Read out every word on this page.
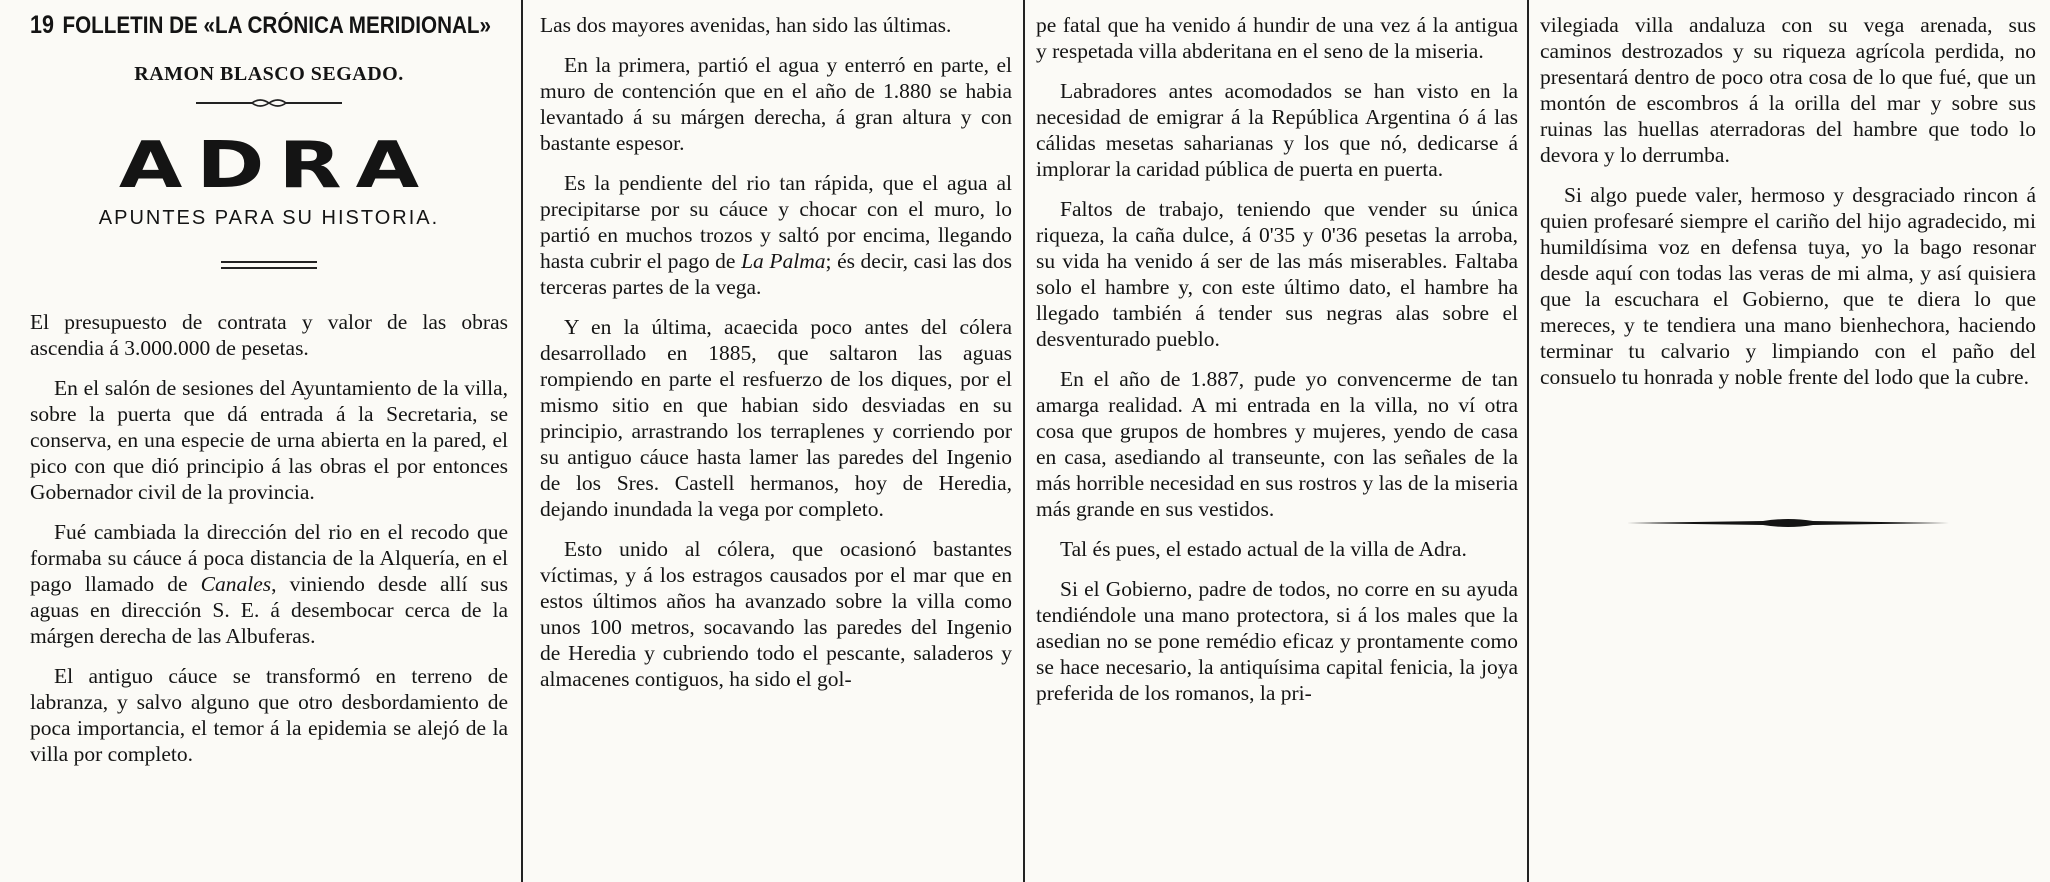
19 FOLLETIN DE «LA CRÓNICA MERIDIONAL»
RAMON BLASCO SEGADO.
ADRA
APUNTES PARA SU HISTORIA.

El presupuesto de contrata y valor de las obras ascendia á 3.000.000 de pesetas.

En el salón de sesiones del Ayuntamiento de la villa, sobre la puerta que dá entrada á la Secretaria, se conserva, en una especie de urna abierta en la pared, el pico con que dió principio á las obras el por entonces Gobernador civil de la provincia.

Fué cambiada la dirección del rio en el recodo que formaba su cáuce á poca distancia de la Alquería, en el pago llamado de Canales, viniendo desde allí sus aguas en dirección S. E. á desembocar cerca de la márgen derecha de las Albuferas.

El antiguo cáuce se transformó en terreno de labranza, y salvo alguno que otro desbordamiento de poca importancia, el temor á la epidemia se alejó de la villa por completo.

Las dos mayores avenidas, han sido las últimas.

En la primera, partió el agua y enterró en parte, el muro de contención que en el año de 1.880 se habia levantado á su márgen derecha, á gran altura y con bastante espesor.

Es la pendiente del rio tan rápida, que el agua al precipitarse por su cáuce y chocar con el muro, lo partió en muchos trozos y saltó por encima, llegando hasta cubrir el pago de La Palma; és decir, casi las dos terceras partes de la vega.

Y en la última, acaecida poco antes del cólera desarrollado en 1885, que saltaron las aguas rompiendo en parte el resfuerzo de los diques, por el mismo sitio en que habian sido desviadas en su principio, arrastrando los terraplenes y corriendo por su antiguo cáuce hasta lamer las paredes del Ingenio de los Sres. Castell hermanos, hoy de Heredia, dejando inundada la vega por completo.

Esto unido al cólera, que ocasionó bastantes víctimas, y á los estragos causados por el mar que en estos últimos años ha avanzado sobre la villa como unos 100 metros, socavando las paredes del Ingenio de Heredia y cubriendo todo el pescante, saladeros y almacenes contiguos, ha sido el gol-

pe fatal que ha venido á hundir de una vez á la antigua y respetada villa abderitana en el seno de la miseria.

Labradores antes acomodados se han visto en la necesidad de emigrar á la República Argentina ó á las cálidas mesetas saharianas y los que nó, dedicarse á implorar la caridad pública de puerta en puerta.

Faltos de trabajo, teniendo que vender su única riqueza, la caña dulce, á 0'35 y 0'36 pesetas la arroba, su vida ha venido á ser de las más miserables. Faltaba solo el hambre y, con este último dato, el hambre ha llegado también á tender sus negras alas sobre el desventurado pueblo.

En el año de 1.887, pude yo convencerme de tan amarga realidad. A mi entrada en la villa, no ví otra cosa que grupos de hombres y mujeres, yendo de casa en casa, asediando al transeunte, con las señales de la más horrible necesidad en sus rostros y las de la miseria más grande en sus vestidos.

Tal és pues, el estado actual de la villa de Adra.

Si el Gobierno, padre de todos, no corre en su ayuda tendiéndole una mano protectora, si á los males que la asedian no se pone remédio eficaz y prontamente como se hace necesario, la antiquísima capital fenicia, la joya preferida de los romanos, la pri-

vilegiada villa andaluza con su vega arenada, sus caminos destrozados y su riqueza agrícola perdida, no presentará dentro de poco otra cosa de lo que fué, que un montón de escombros á la orilla del mar y sobre sus ruinas las huellas aterradoras del hambre que todo lo devora y lo derrumba.

Si algo puede valer, hermoso y desgraciado rincon á quien profesaré siempre el cariño del hijo agradecido, mi humildísima voz en defensa tuya, yo la bago resonar desde aquí con todas las veras de mi alma, y así quisiera que la escuchara el Gobierno, que te diera lo que mereces, y te tendiera una mano bienhechora, haciendo terminar tu calvario y limpiando con el paño del consuelo tu honrada y noble frente del lodo que la cubre.
